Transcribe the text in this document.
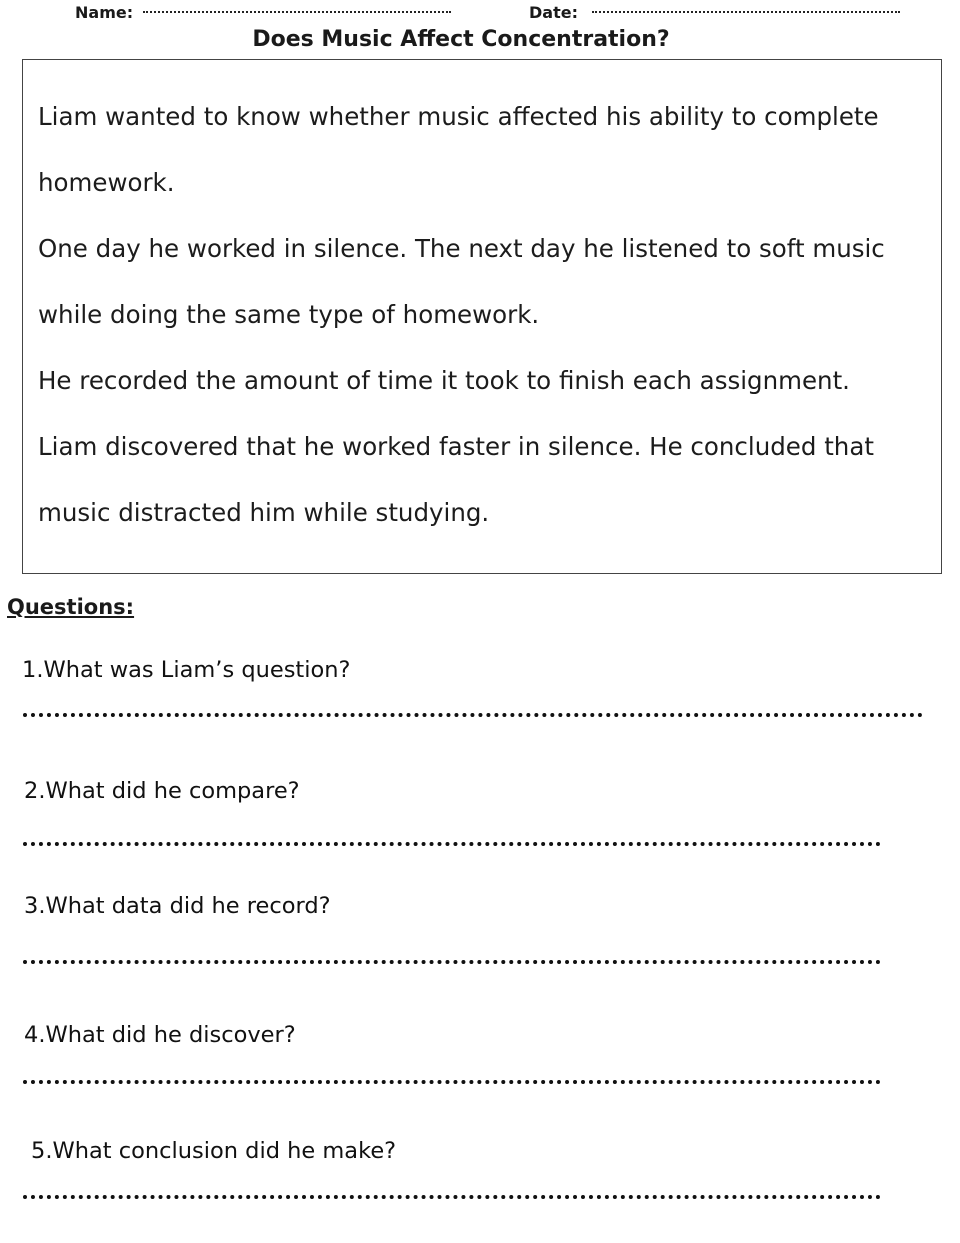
Name:	Date:
Does Music Affect Concentration?
Liam wanted to know whether music affected his ability to complete
homework.
One day he worked in silence. The next day he listened to soft music
while doing the same type of homework.
He recorded the amount of time it took to finish each assignment.
Liam discovered that he worked faster in silence. He concluded that
music distracted him while studying.
Questions:
1.What was Liam’s question?
2.What did he compare?
3.What data did he record?
4.What did he discover?
5.What conclusion did he make?
